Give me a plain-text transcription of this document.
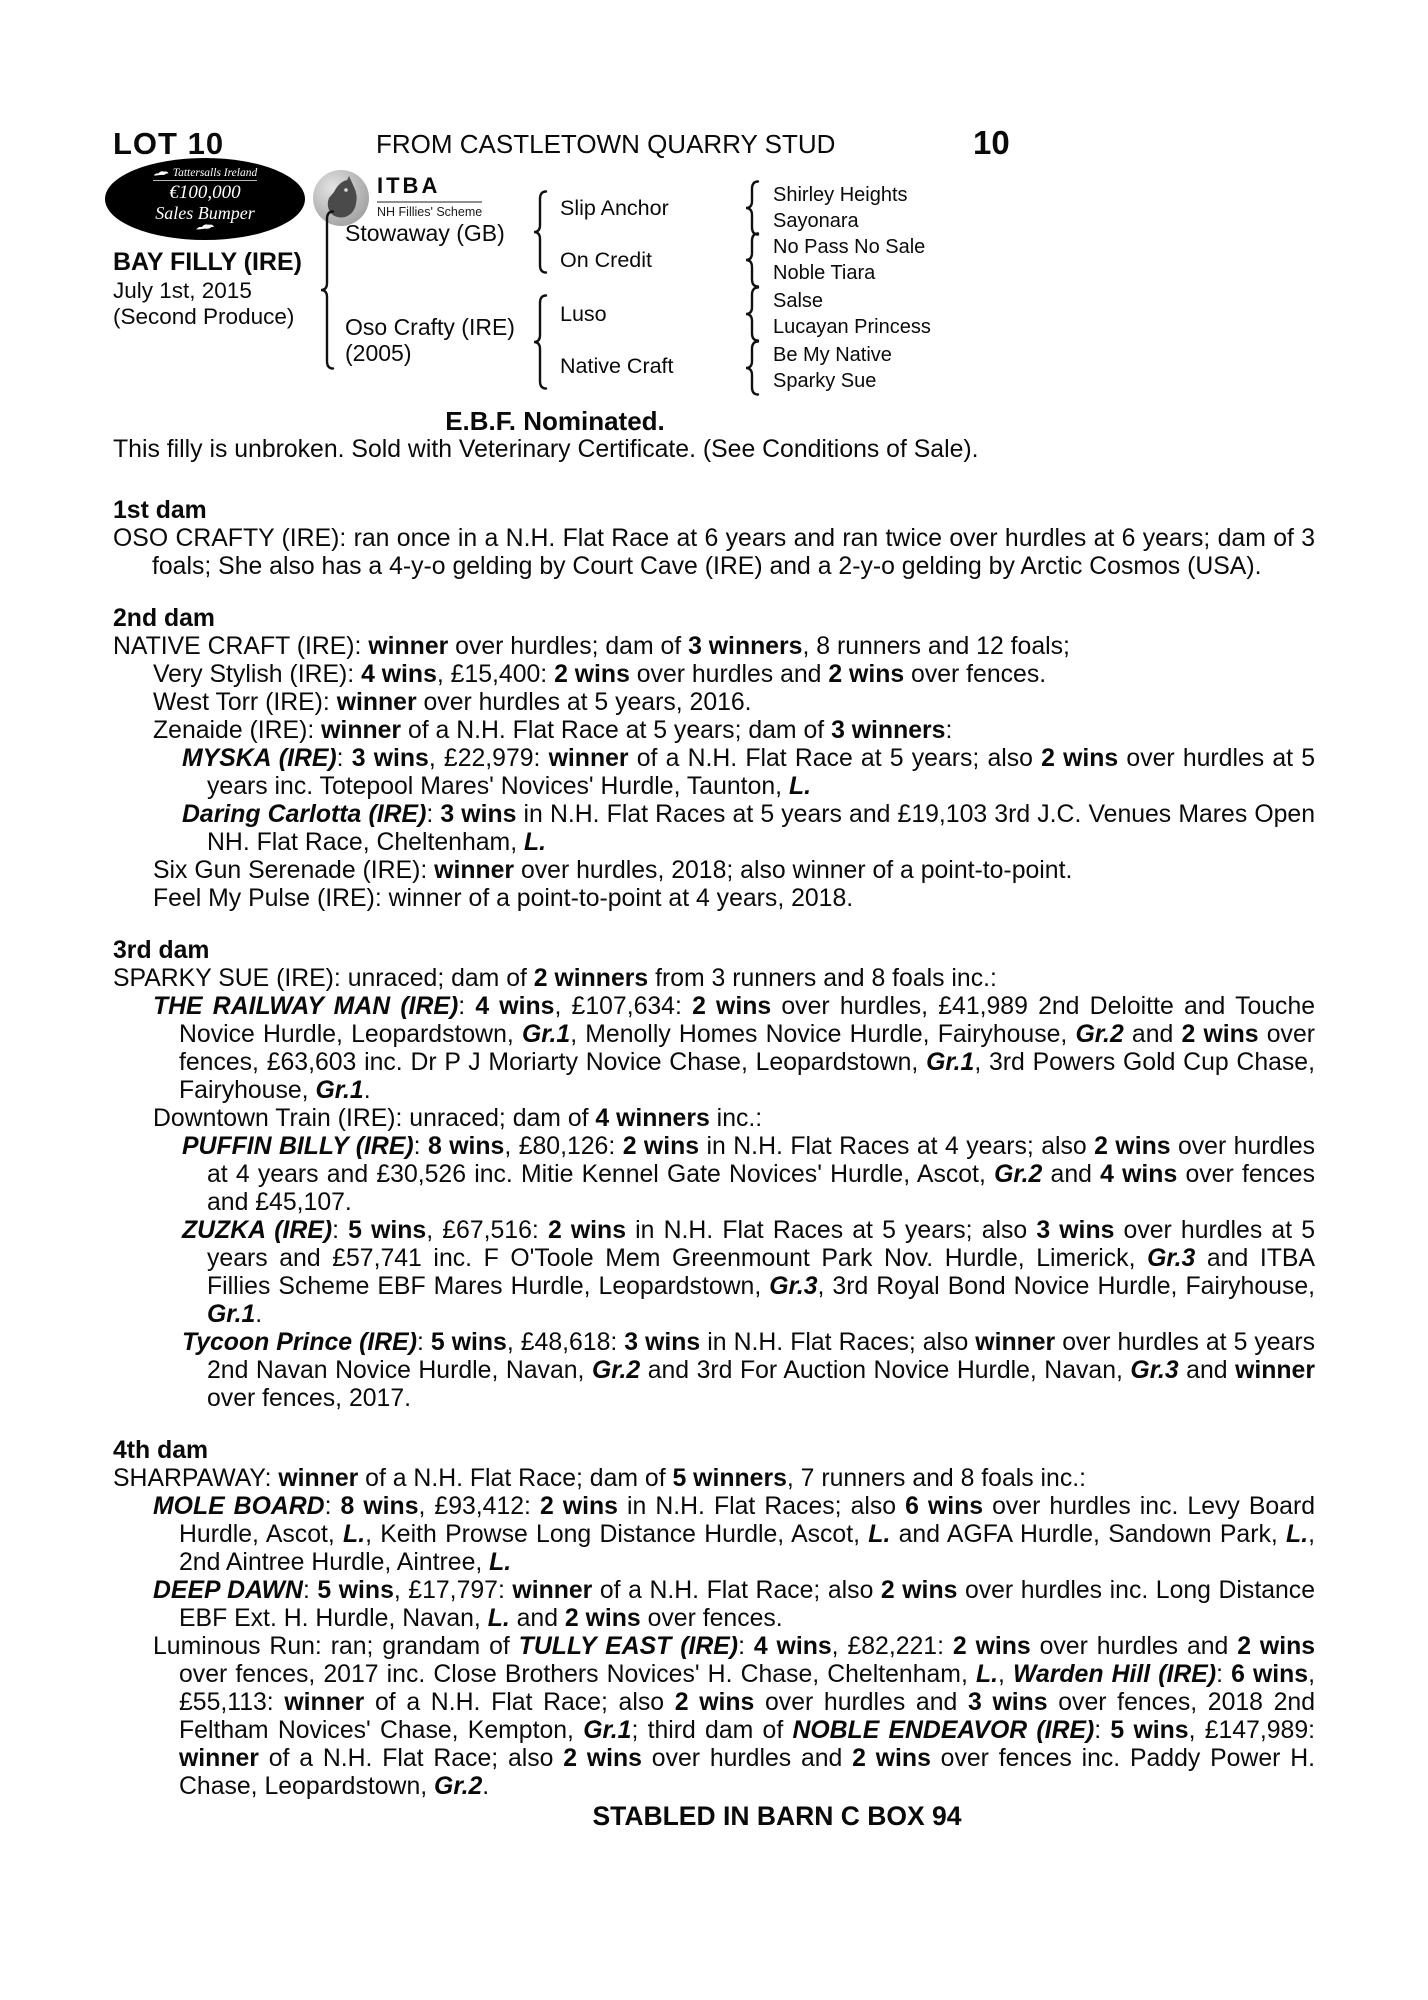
LOT 10	FROM CASTLETOWN QUARRY STUD	10
Tattersalls Ireland
€100,000
Sales Bumper
ITBA
NH Fillies' Scheme
BAY FILLY (IRE)
July 1st, 2015
(Second Produce)
Stowaway (GB)
Oso Crafty (IRE)
(2005)
Slip Anchor
On Credit
Luso
Native Craft
Shirley Heights
Sayonara
No Pass No Sale
Noble Tiara
Salse
Lucayan Princess
Be My Native
Sparky Sue
E.B.F. Nominated.
This filly is unbroken. Sold with Veterinary Certificate. (See Conditions of Sale).
1st dam
OSO CRAFTY (IRE): ran once in a N.H. Flat Race at 6 years and ran twice over hurdles at 6 years; dam of 3 foals; She also has a 4-y-o gelding by Court Cave (IRE) and a 2-y-o gelding by Arctic Cosmos (USA).
2nd dam
NATIVE CRAFT (IRE): winner over hurdles; dam of 3 winners, 8 runners and 12 foals;
Very Stylish (IRE): 4 wins, £15,400: 2 wins over hurdles and 2 wins over fences.
West Torr (IRE): winner over hurdles at 5 years, 2016.
Zenaide (IRE): winner of a N.H. Flat Race at 5 years; dam of 3 winners:
MYSKA (IRE): 3 wins, £22,979: winner of a N.H. Flat Race at 5 years; also 2 wins over hurdles at 5 years inc. Totepool Mares' Novices' Hurdle, Taunton, L.
Daring Carlotta (IRE): 3 wins in N.H. Flat Races at 5 years and £19,103 3rd J.C. Venues Mares Open NH. Flat Race, Cheltenham, L.
Six Gun Serenade (IRE): winner over hurdles, 2018; also winner of a point-to-point.
Feel My Pulse (IRE): winner of a point-to-point at 4 years, 2018.
3rd dam
SPARKY SUE (IRE): unraced; dam of 2 winners from 3 runners and 8 foals inc.:
THE RAILWAY MAN (IRE): 4 wins, £107,634: 2 wins over hurdles, £41,989 2nd Deloitte and Touche Novice Hurdle, Leopardstown, Gr.1, Menolly Homes Novice Hurdle, Fairyhouse, Gr.2 and 2 wins over fences, £63,603 inc. Dr P J Moriarty Novice Chase, Leopardstown, Gr.1, 3rd Powers Gold Cup Chase, Fairyhouse, Gr.1.
Downtown Train (IRE): unraced; dam of 4 winners inc.:
PUFFIN BILLY (IRE): 8 wins, £80,126: 2 wins in N.H. Flat Races at 4 years; also 2 wins over hurdles at 4 years and £30,526 inc. Mitie Kennel Gate Novices' Hurdle, Ascot, Gr.2 and 4 wins over fences and £45,107.
ZUZKA (IRE): 5 wins, £67,516: 2 wins in N.H. Flat Races at 5 years; also 3 wins over hurdles at 5 years and £57,741 inc. F O'Toole Mem Greenmount Park Nov. Hurdle, Limerick, Gr.3 and ITBA Fillies Scheme EBF Mares Hurdle, Leopardstown, Gr.3, 3rd Royal Bond Novice Hurdle, Fairyhouse, Gr.1.
Tycoon Prince (IRE): 5 wins, £48,618: 3 wins in N.H. Flat Races; also winner over hurdles at 5 years 2nd Navan Novice Hurdle, Navan, Gr.2 and 3rd For Auction Novice Hurdle, Navan, Gr.3 and winner over fences, 2017.
4th dam
SHARPAWAY: winner of a N.H. Flat Race; dam of 5 winners, 7 runners and 8 foals inc.:
MOLE BOARD: 8 wins, £93,412: 2 wins in N.H. Flat Races; also 6 wins over hurdles inc. Levy Board Hurdle, Ascot, L., Keith Prowse Long Distance Hurdle, Ascot, L. and AGFA Hurdle, Sandown Park, L., 2nd Aintree Hurdle, Aintree, L.
DEEP DAWN: 5 wins, £17,797: winner of a N.H. Flat Race; also 2 wins over hurdles inc. Long Distance EBF Ext. H. Hurdle, Navan, L. and 2 wins over fences.
Luminous Run: ran; grandam of TULLY EAST (IRE): 4 wins, £82,221: 2 wins over hurdles and 2 wins over fences, 2017 inc. Close Brothers Novices' H. Chase, Cheltenham, L., Warden Hill (IRE): 6 wins, £55,113: winner of a N.H. Flat Race; also 2 wins over hurdles and 3 wins over fences, 2018 2nd Feltham Novices' Chase, Kempton, Gr.1; third dam of NOBLE ENDEAVOR (IRE): 5 wins, £147,989: winner of a N.H. Flat Race; also 2 wins over hurdles and 2 wins over fences inc. Paddy Power H. Chase, Leopardstown, Gr.2.
STABLED IN BARN C BOX 94
